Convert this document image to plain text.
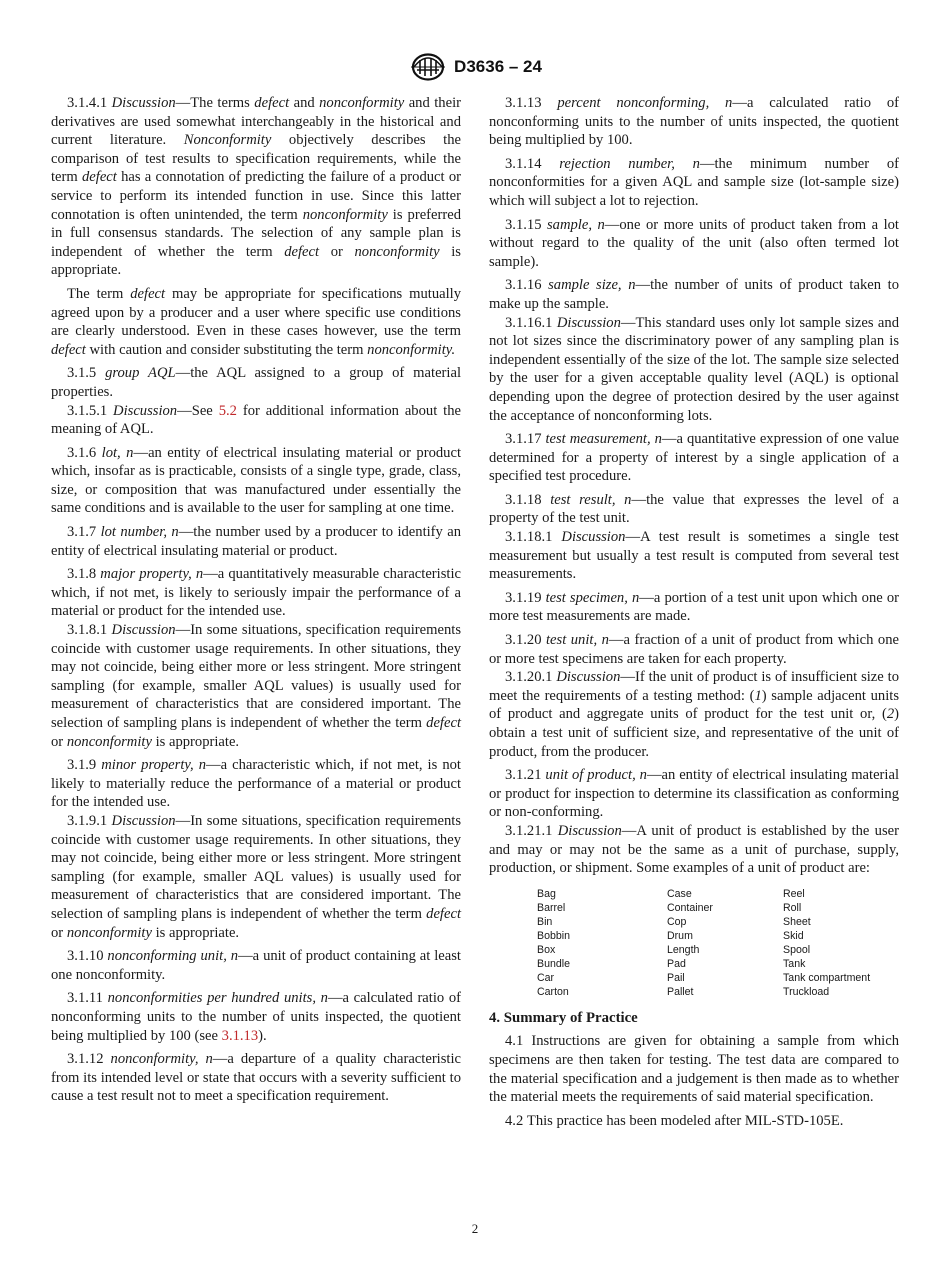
D3636 – 24

3.1.4.1 Discussion—The terms defect and nonconformity and their derivatives are used somewhat interchangeably in the historical and current literature. Nonconformity objectively describes the comparison of test results to specification requirements, while the term defect has a connotation of predicting the failure of a product or service to perform its intended function in use. Since this latter connotation is often unintended, the term nonconformity is preferred in full consensus standards. The selection of any sample plan is independent of whether the term defect or nonconformity is appropriate.

The term defect may be appropriate for specifications mutually agreed upon by a producer and a user where specific use conditions are clearly understood. Even in these cases however, use the term defect with caution and consider substituting the term nonconformity.

3.1.5 group AQL—the AQL assigned to a group of material properties.

3.1.5.1 Discussion—See 5.2 for additional information about the meaning of AQL.

3.1.6 lot, n—an entity of electrical insulating material or product which, insofar as is practicable, consists of a single type, grade, class, size, or composition that was manufactured under essentially the same conditions and is available to the user for sampling at one time.

3.1.7 lot number, n—the number used by a producer to identify an entity of electrical insulating material or product.

3.1.8 major property, n—a quantitatively measurable characteristic which, if not met, is likely to seriously impair the performance of a material or product for the intended use.

3.1.8.1 Discussion—In some situations, specification requirements coincide with customer usage requirements. In other situations, they may not coincide, being either more or less stringent. More stringent sampling (for example, smaller AQL values) is usually used for measurement of characteristics that are considered important. The selection of sampling plans is independent of whether the term defect or nonconformity is appropriate.

3.1.9 minor property, n—a characteristic which, if not met, is not likely to materially reduce the performance of a material or product for the intended use.

3.1.9.1 Discussion—In some situations, specification requirements coincide with customer usage requirements. In other situations, they may not coincide, being either more or less stringent. More stringent sampling (for example, smaller AQL values) is usually used for measurement of characteristics that are considered important. The selection of sampling plans is independent of whether the term defect or nonconformity is appropriate.

3.1.10 nonconforming unit, n—a unit of product containing at least one nonconformity.

3.1.11 nonconformities per hundred units, n—a calculated ratio of nonconforming units to the number of units inspected, the quotient being multiplied by 100 (see 3.1.13).

3.1.12 nonconformity, n—a departure of a quality characteristic from its intended level or state that occurs with a severity sufficient to cause a test result not to meet a specification requirement.

3.1.13 percent nonconforming, n—a calculated ratio of nonconforming units to the number of units inspected, the quotient being multiplied by 100.

3.1.14 rejection number, n—the minimum number of nonconformities for a given AQL and sample size (lot-sample size) which will subject a lot to rejection.

3.1.15 sample, n—one or more units of product taken from a lot without regard to the quality of the unit (also often termed lot sample).

3.1.16 sample size, n—the number of units of product taken to make up the sample.

3.1.16.1 Discussion—This standard uses only lot sample sizes and not lot sizes since the discriminatory power of any sampling plan is independent essentially of the size of the lot. The sample size selected by the user for a given acceptable quality level (AQL) is optional depending upon the degree of protection desired by the user against the acceptance of nonconforming lots.

3.1.17 test measurement, n—a quantitative expression of one value determined for a property of interest by a single application of a specified test procedure.

3.1.18 test result, n—the value that expresses the level of a property of the test unit.

3.1.18.1 Discussion—A test result is sometimes a single test measurement but usually a test result is computed from several test measurements.

3.1.19 test specimen, n—a portion of a test unit upon which one or more test measurements are made.

3.1.20 test unit, n—a fraction of a unit of product from which one or more test specimens are taken for each property.

3.1.20.1 Discussion—If the unit of product is of insufficient size to meet the requirements of a testing method: (1) sample adjacent units of product and aggregate units of product for the test unit or, (2) obtain a test unit of sufficient size, and representative of the unit of product, from the producer.

3.1.21 unit of product, n—an entity of electrical insulating material or product for inspection to determine its classification as conforming or non-conforming.

3.1.21.1 Discussion—A unit of product is established by the user and may or may not be the same as a unit of purchase, supply, production, or shipment. Some examples of a unit of product are:

Bag	Case	Reel
Barrel	Container	Roll
Bin	Cop	Sheet
Bobbin	Drum	Skid
Box	Length	Spool
Bundle	Pad	Tank
Car	Pail	Tank compartment
Carton	Pallet	Truckload

4. Summary of Practice

4.1 Instructions are given for obtaining a sample from which specimens are then taken for testing. The test data are compared to the material specification and a judgement is then made as to whether the material meets the requirements of said material specification.

4.2 This practice has been modeled after MIL-STD-105E.

2
